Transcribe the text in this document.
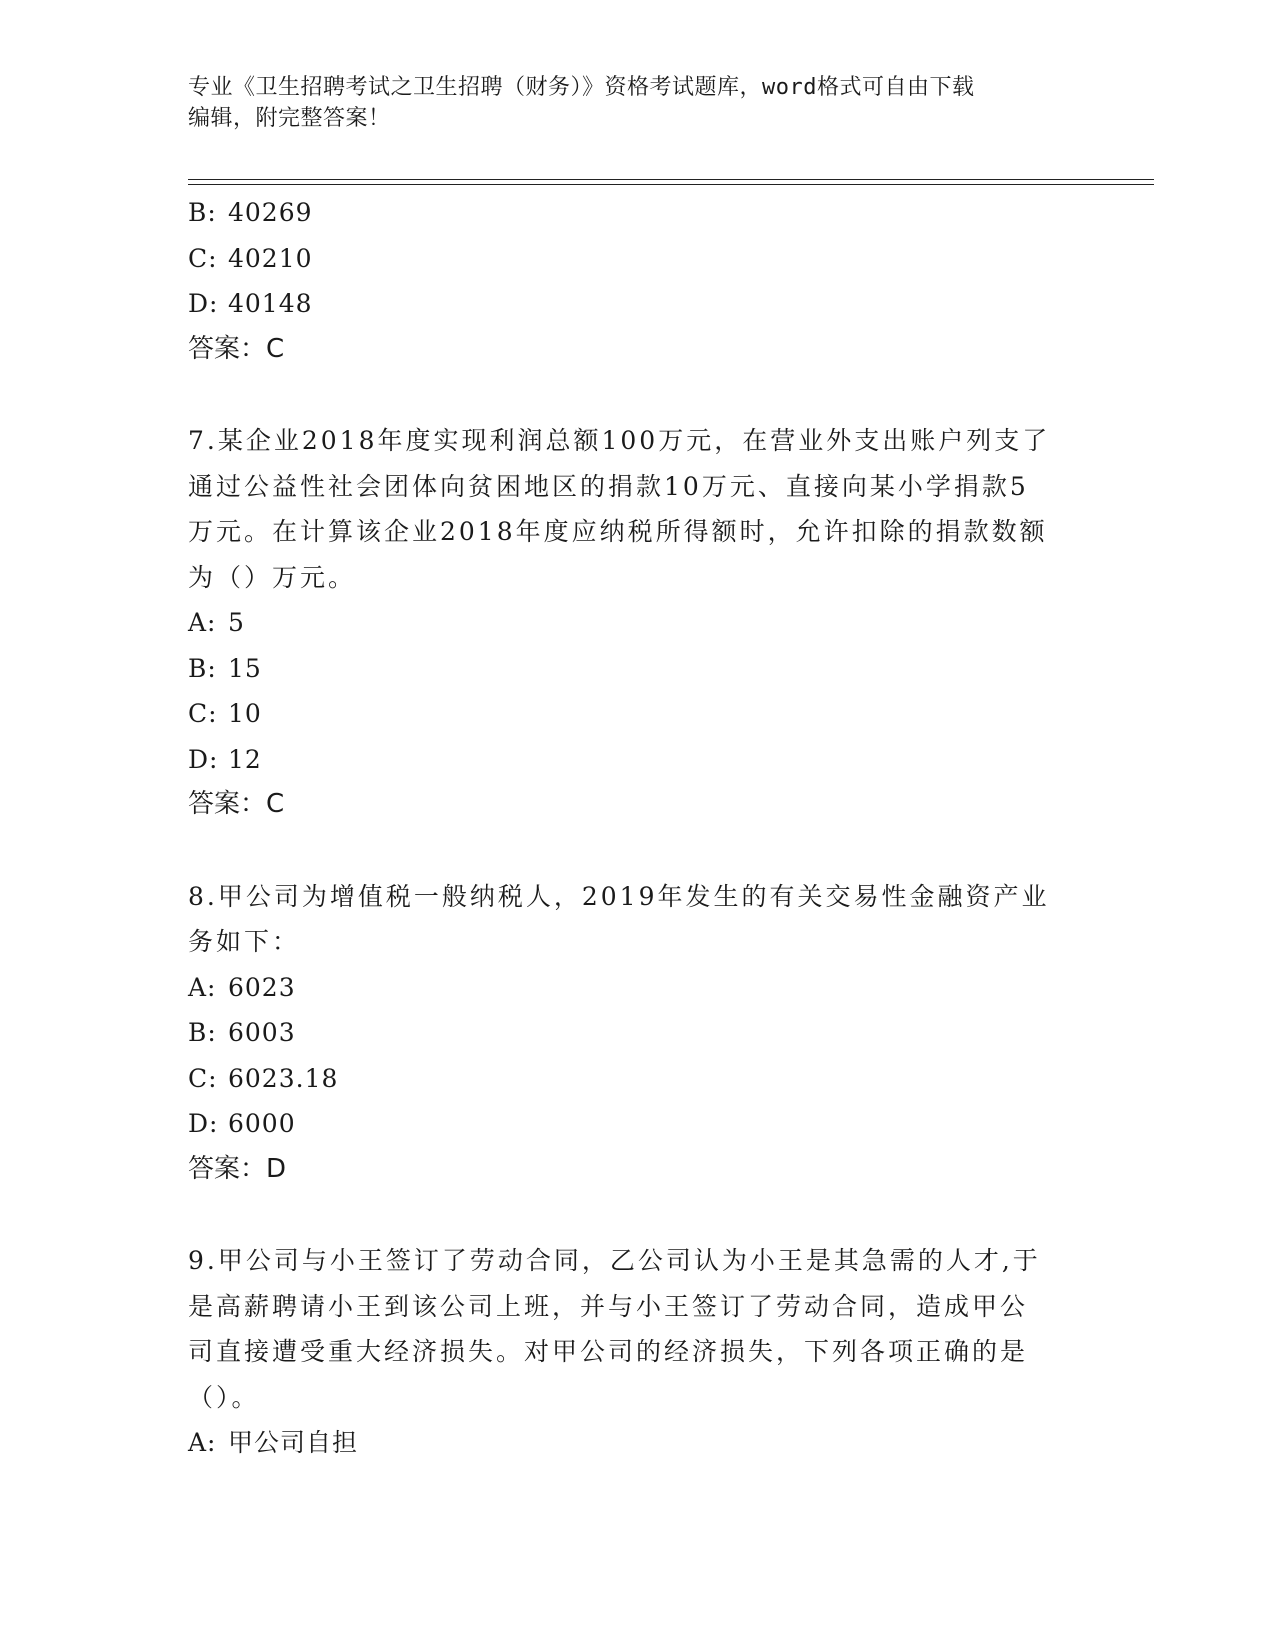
专业《卫生招聘考试之卫生招聘（财务）》资格考试题库，word格式可自由下载
编辑，附完整答案！
B: 40269
C: 40210
D: 40148
答案：C
7.某企业2018年度实现利润总额100万元，在营业外支出账户列支了
通过公益性社会团体向贫困地区的捐款10万元、直接向某小学捐款5
万元。在计算该企业2018年度应纳税所得额时，允许扣除的捐款数额
为（）万元。
A: 5
B: 15
C: 10
D: 12
答案：C
8.甲公司为增值税一般纳税人，2019年发生的有关交易性金融资产业
务如下：
A: 6023
B: 6003
C: 6023.18
D: 6000
答案：D
9.甲公司与小王签订了劳动合同，乙公司认为小王是其急需的人才,于
是高薪聘请小王到该公司上班，并与小王签订了劳动合同，造成甲公
司直接遭受重大经济损失。对甲公司的经济损失，下列各项正确的是
（）。
A: 甲公司自担
